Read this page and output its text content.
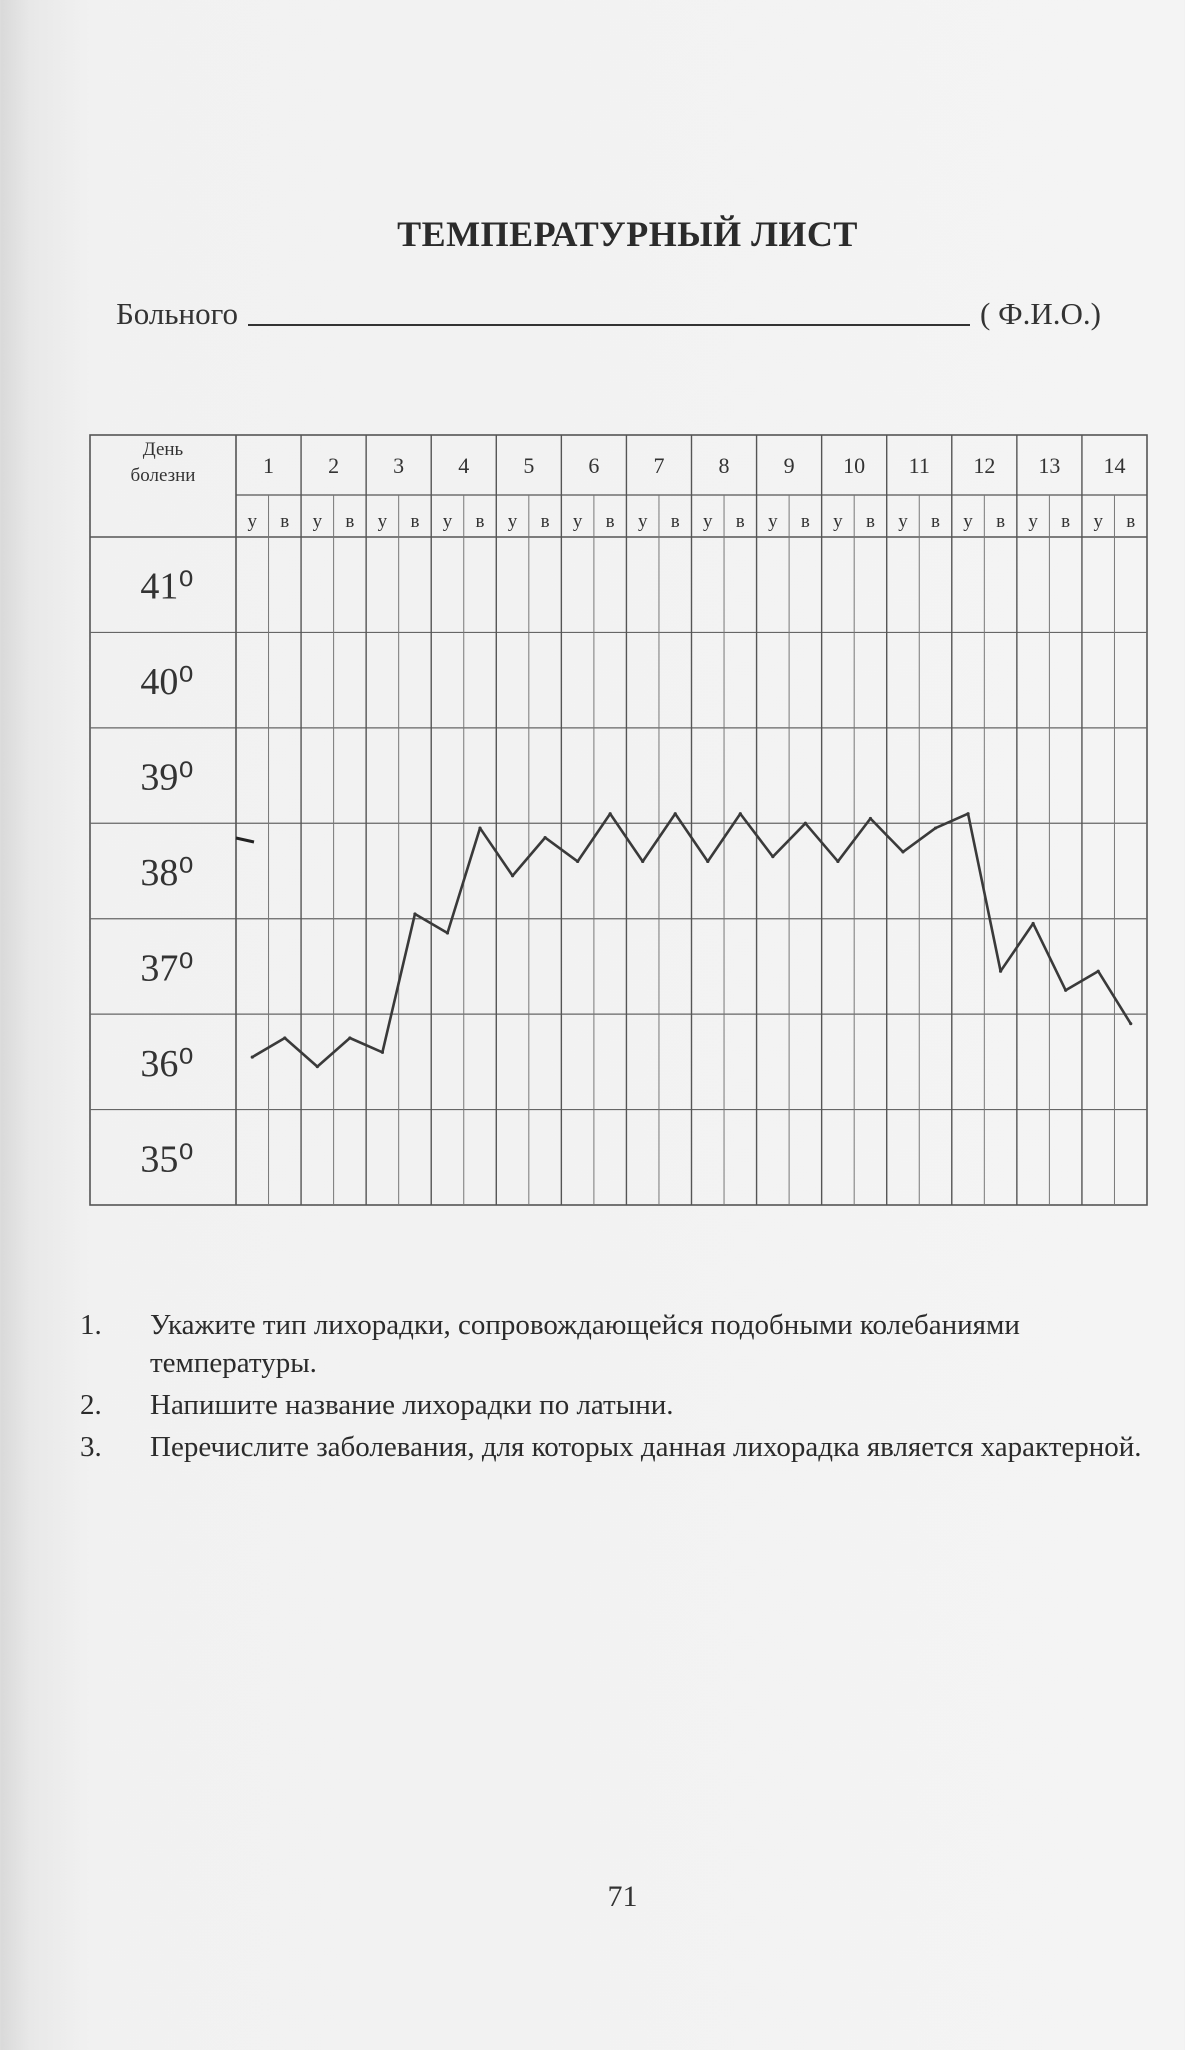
ТЕМПЕРАТУРНЫЙ ЛИСТ
Больного	( Ф.И.О.)
День
болезни	1 2 3 4 5 6 7 8 9 10 11 12 13 14
у в у в у в у в у в у в у в у в у в у в у в у в у в у в
41⁰
40⁰
39⁰
38⁰
37⁰
36⁰
35⁰
1.	Укажите тип лихорадки, сопровождающейся подобными колебаниями температуры.
2.	Напишите название лихорадки по латыни.
3.	Перечислите заболевания, для которых данная лихорадка является характерной.
71
